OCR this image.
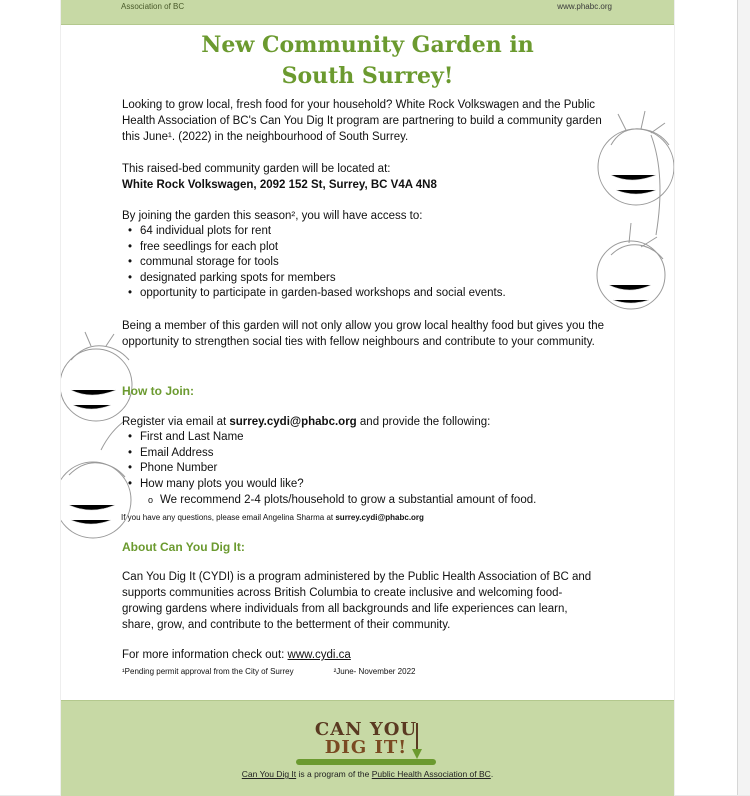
Association of BC	www.phabc.org
New Community Garden in
South Surrey!

Looking to grow local, fresh food for your household? White Rock Volkswagen and the Public Health Association of BC's Can You Dig It program are partnering to build a community garden this June¹. (2022) in the neighbourhood of South Surrey.

This raised-bed community garden will be located at:

White Rock Volkswagen, 2092 152 St, Surrey, BC V4A 4N8

By joining the garden this season², you will have access to:

• 64 individual plots for rent
• free seedlings for each plot
• communal storage for tools
• designated parking spots for members
• opportunity to participate in garden-based workshops and social events.

Being a member of this garden will not only allow you grow local healthy food but gives you the opportunity to strengthen social ties with fellow neighbours and contribute to your community.

How to Join:

Register via email at surrey.cydi@phabc.org and provide the following:

• First and Last Name
• Email Address
• Phone Number
• How many plots you would like?
o We recommend 2-4 plots/household to grow a substantial amount of food.
If you have any questions, please email Angelina Sharma at surrey.cydi@phabc.org
About Can You Dig It:

Can You Dig It (CYDI) is a program administered by the Public Health Association of BC and supports communities across British Columbia to create inclusive and welcoming food-growing gardens where individuals from all backgrounds and life experiences can learn, share, grow, and contribute to the betterment of their community.

For more information check out: www.cydi.ca
¹Pending permit approval from the City of Surrey	²June- November 2022
CAN YOU
DIG IT!
Can You Dig It is a program of the Public Health Association of BC.
